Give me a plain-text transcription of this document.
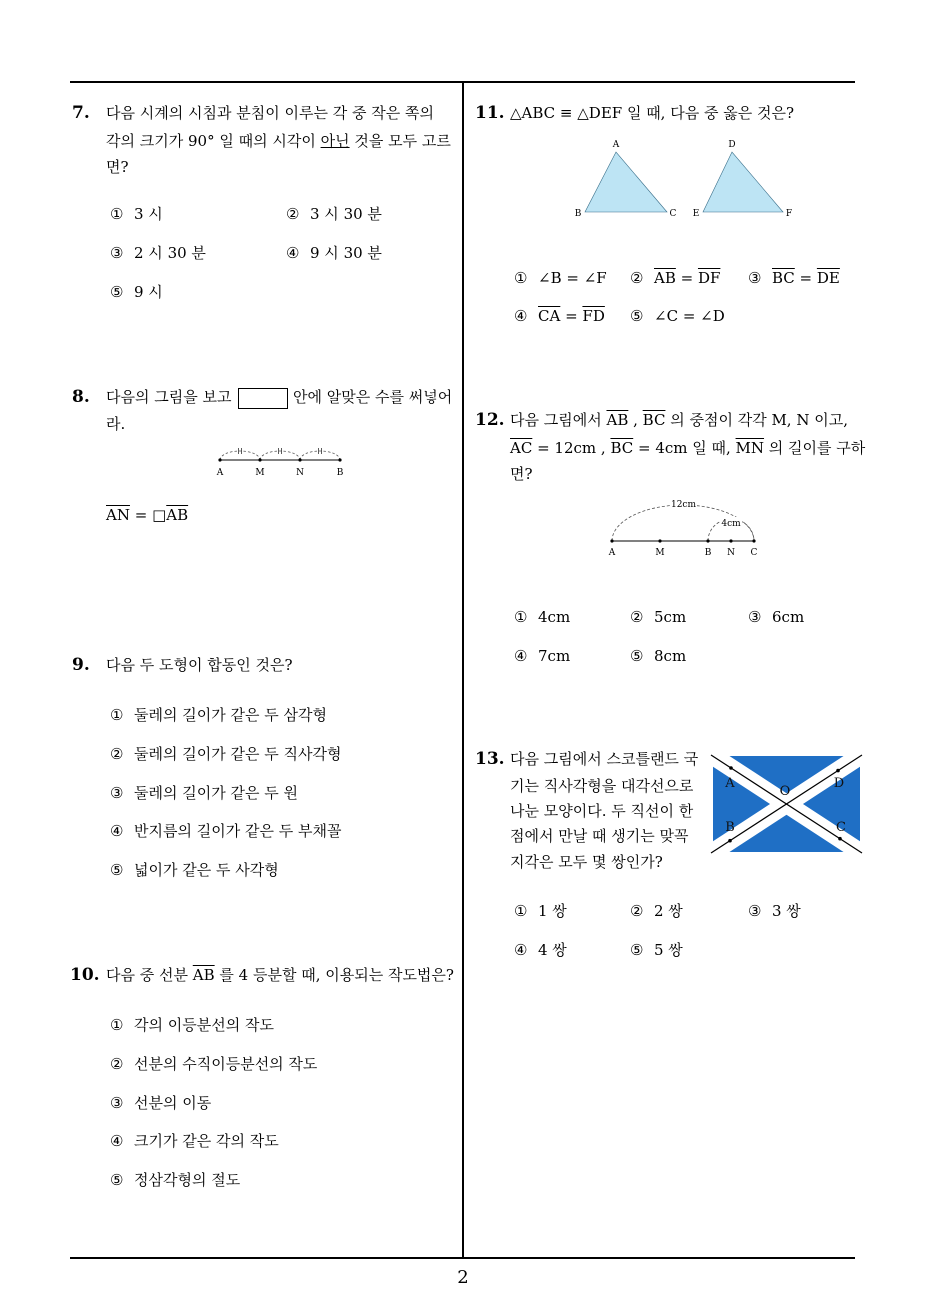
7. 다음 시계의 시침과 분침이 이루는 각 중 작은 쪽의
각의 크기가 90° 일 때의 시각이 아닌 것을 모두 고르
면?
① 3 시	② 3 시 30 분
③ 2 시 30 분	④ 9 시 30 분
⑤ 9 시
8. 다음의 그림을 보고	안에 알맞은 수를 써넣어
라.
A	M	N	B
$\overline{AN}$ = $□\overline{AB}$
9. 다음 두 도형이 합동인 것은?
① 둘레의 길이가 같은 두 삼각형
② 둘레의 길이가 같은 두 직사각형
③ 둘레의 길이가 같은 두 원
④ 반지름의 길이가 같은 두 부채꼴
⑤ 넓이가 같은 두 사각형
10. 다음 중 선분 $\overline{AB}$ 를 4 등분할 때, 이용되는 작도법은?
① 각의 이등분선의 작도
② 선분의 수직이등분선의 작도
③ 선분의 이동
④ 크기가 같은 각의 작도
⑤ 정삼각형의 절도
11. △ABC ≡ △DEF 일 때, 다음 중 옳은 것은?
A
B	C
D
E	F
① ∠B = ∠F ② $\overline{AB} = \overline{DF}$ ③ $\overline{BC} = \overline{DE}$
④ $\overline{CA} = \overline{FD}$ ⑤ ∠C = ∠D
12. 다음 그림에서 $\overline{AB}$ , $\overline{BC}$ 의 중점이 각각 M, N 이고,
$\overline{AC} = 12cm$ , $\overline{BC} = 4cm$ 일 때, $\overline{MN}$ 의 길이를 구하
면?
12cm
4cm
A	M	B N C
① 4cm	② 5cm	③ 6cm
④ 7cm	⑤ 8cm
13. 다음 그림에서 스코틀랜드 국
기는 직사각형을 대각선으로
나눈 모양이다. 두 직선이 한
점에서 만날 때 생기는 맞꼭
지각은 모두 몇 쌍인가?
A
O
D
B	C
① 1 쌍	② 2 쌍	③ 3 쌍
④ 4 쌍	⑤ 5 쌍
2
